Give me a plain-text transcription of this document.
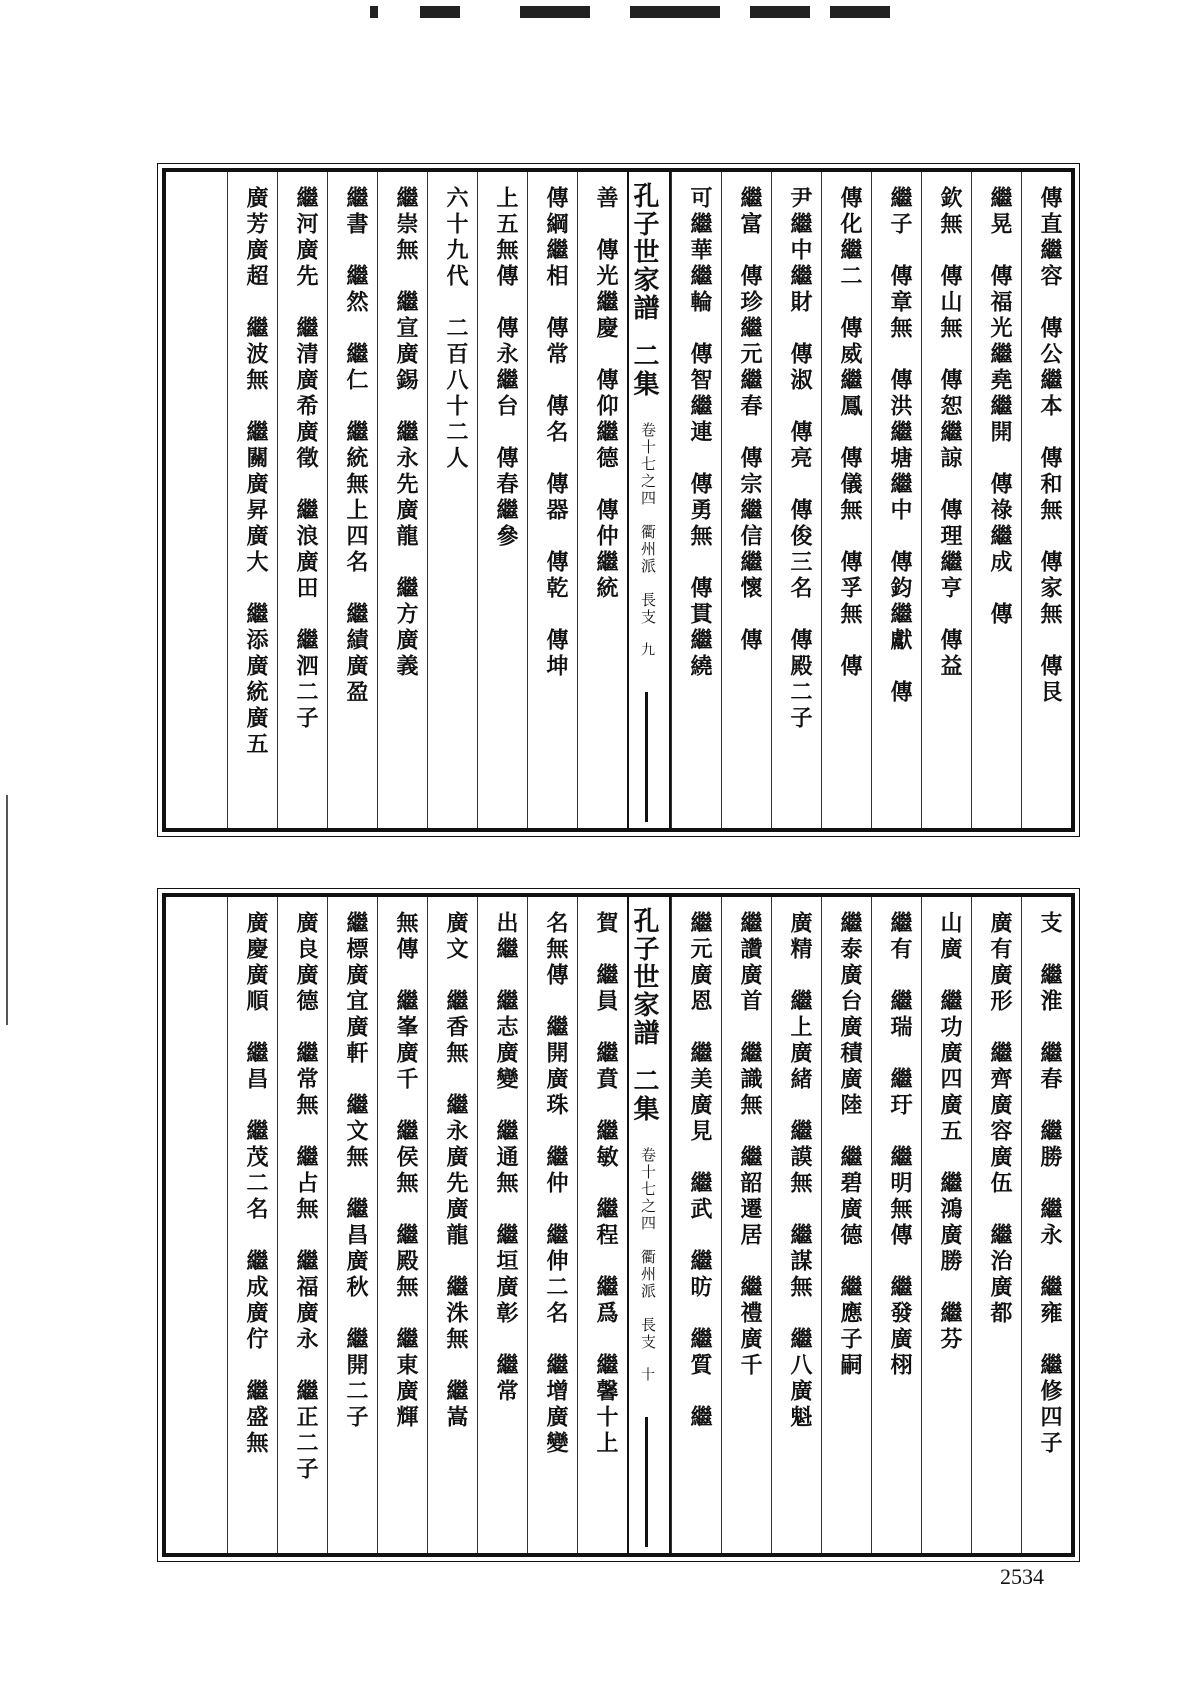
傳直繼容　傳公繼本　傳和無　傳家無　傳艮
繼晃　傳福光繼堯繼開　傳祿繼成　傳
欽無　傳山無　傳恕繼諒　傳理繼亨　傳益
繼子　傳章無　傳洪繼塘繼中　傳鈞繼獻　傳
傳化繼二　傳威繼鳳　傳儀無　傳孚無　傳
尹繼中繼財　傳淑　傳亮　傳俊三名　傳殿二子
繼富　傳珍繼元繼春　傳宗繼信繼懷　傳
可繼華繼輪　傳智繼連　傳勇無　傳貫繼繞
孔子世家譜
二集
卷十七之四　衢州派　長支
九
善　傳光繼慶　傳仰繼德　傳仲繼統
傳綱繼相　傳常　傳名　傳器　傳乾　傳坤
上五無傳　傳永繼台　傳春繼參
六十九代　二百八十二人
繼崇無　繼宣廣錫　繼永先廣龍　繼方廣義
繼書　繼然　繼仁　繼統無上四名　繼績廣盈
繼河廣先　繼清廣希廣徵　繼浪廣田　繼泗二子
廣芳廣超　繼波無　繼關廣昇廣大　繼添廣統廣五
支　繼淮　繼春　繼勝　繼永　繼雍　繼修四子
廣有廣形　繼齊廣容廣伍　繼治廣都
山廣　繼功廣四廣五　繼鴻廣勝　繼芬
繼有　繼瑞　繼玗　繼明無傳　繼發廣栩
繼泰廣台廣積廣陸　繼碧廣德　繼應子嗣
廣精　繼上廣緒　繼謨無　繼謀無　繼八廣魁
繼讚廣首　繼識無　繼韶遷居　繼禮廣千
繼元廣恩　繼美廣見　繼武　繼昉　繼質　繼
孔子世家譜
二集
卷十七之四　衢州派　長支
十
賀　繼員　繼賁　繼敏　繼程　繼爲　繼馨十上
名無傳　繼開廣珠　繼仲　繼伸二名　繼增廣變
出繼　繼志廣變　繼通無　繼垣廣彰　繼常
廣文　繼香無　繼永廣先廣龍　繼洙無　繼嵩
無傳　繼峯廣千　繼侯無　繼殿無　繼東廣輝
繼標廣宜廣軒　繼文無　繼昌廣秋　繼開二子
廣良廣德　繼常無　繼占無　繼福廣永　繼正二子
廣慶廣順　繼昌　繼茂二名　繼成廣佇　繼盛無
2534
